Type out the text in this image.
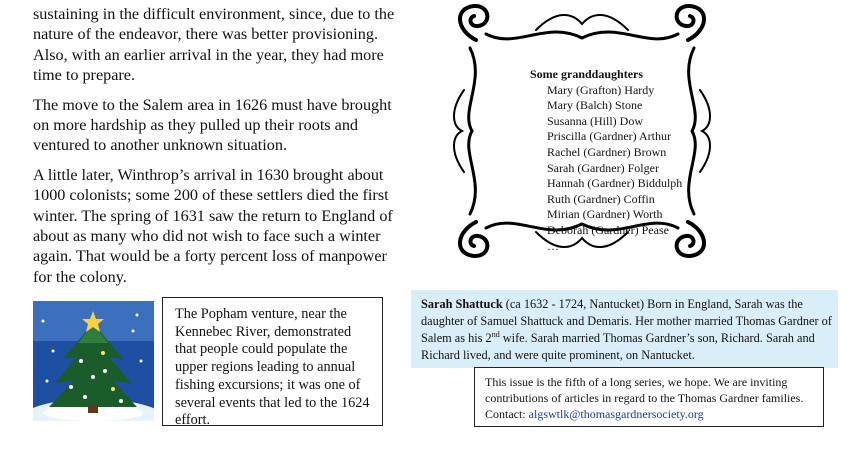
sustaining in the difficult environment, since, due to the nature of the endeavor, there was better provisioning. Also, with an earlier arrival in the year, they had more time to prepare.

The move to the Salem area in 1626 must have brought on more hardship as they pulled up their roots and ventured to another unknown situation.

A little later, Winthrop’s arrival in 1630 brought about 1000 colonists; some 200 of these settlers died the first winter. The spring of 1631 saw the return to England of about as many who did not wish to face such a winter again. That would be a forty percent loss of manpower for the colony.

The Popham venture, near the Kennebec River, demonstrated that people could populate the upper regions leading to annual fishing excursions; it was one of several events that led to the 1624 effort.
Some granddaughters
Mary (Grafton) Hardy
Mary (Balch) Stone
Susanna (Hill) Dow
Priscilla (Gardner) Arthur
Rachel (Gardner) Brown
Sarah (Gardner) Folger
Hannah (Gardner) Biddulph
Ruth (Gardner) Coffin
Mirian (Gardner) Worth
Deborah (Gardner) Pease
…
Sarah Shattuck (ca 1632 - 1724, Nantucket) Born in England, Sarah was the daughter of Samuel Shattuck and Demaris. Her mother married Thomas Gardner of Salem as his 2nd wife. Sarah married Thomas Gardner’s son, Richard. Sarah and Richard lived, and were quite prominent, on Nantucket.
This issue is the fifth of a long series, we hope. We are inviting contributions of articles in regard to the Thomas Gardner families. Contact: algswtlk@thomasgardnersociety.org
